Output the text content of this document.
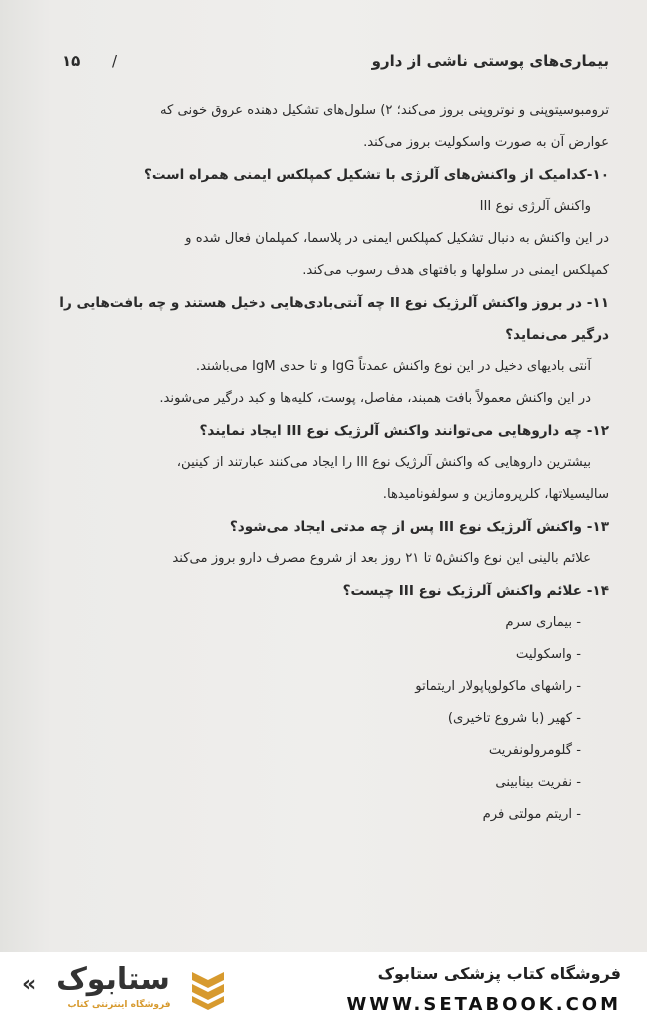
بیماری‌های پوستی ناشی از دارو
/
۱۵
ترومبوسیتوپنی و نوتروپنی بروز می‌کند؛ ۲) سلول‌های تشکیل دهنده عروق خونی که
عوارض آن به صورت واسکولیت بروز می‌کند.
۱۰-کدامیک از واکنش‌های آلرژی با تشکیل کمپلکس ایمنی همراه است؟
واکنش آلرژی نوع III
در این واکنش به دنبال تشکیل کمپلکس ایمنی در پلاسما، کمپلمان فعال شده و
کمپلکس ایمنی در سلولها و بافتهای هدف رسوب می‌کند.
۱۱- در بروز واکنش آلرژیک نوع II چه آنتی‌بادی‌هایی دخیل هستند و چه بافت‌هایی را
درگیر می‌نماید؟
آنتی بادیهای دخیل در این نوع واکنش عمدتاً IgG و تا حدی IgM می‌باشند.
در این واکنش معمولاً بافت همبند، مفاصل، پوست، کلیه‌ها و کبد درگیر می‌شوند.
۱۲- چه داروهایی می‌توانند واکنش آلرژیک نوع III ایجاد نمایند؟
بیشترین داروهایی که واکنش آلرژیک نوع III را ایجاد می‌کنند عبارتند از کینین،
سالیسیلاتها، کلرپرومازین و سولفونامیدها.
۱۳- واکنش آلرژیک نوع III پس از چه مدتی ایجاد می‌شود؟
علائم بالینی این نوع واکنش۵ تا ۲۱ روز بعد از شروع مصرف دارو بروز می‌کند
۱۴- علائم واکنش آلرژیک نوع III چیست؟
- بیماری سرم
- واسکولیت
- راشهای ماکولوپاپولار اریتماتو
- کهیر (با شروع تاخیری)
- گلومرولونفریت
- نفریت بینابینی
- اریتم مولتی فرم
فروشگاه کتاب پزشکی ستابوک
WWW.SETABOOK.COM
« ستابوک
فروشگاه اینترنتی کتاب
